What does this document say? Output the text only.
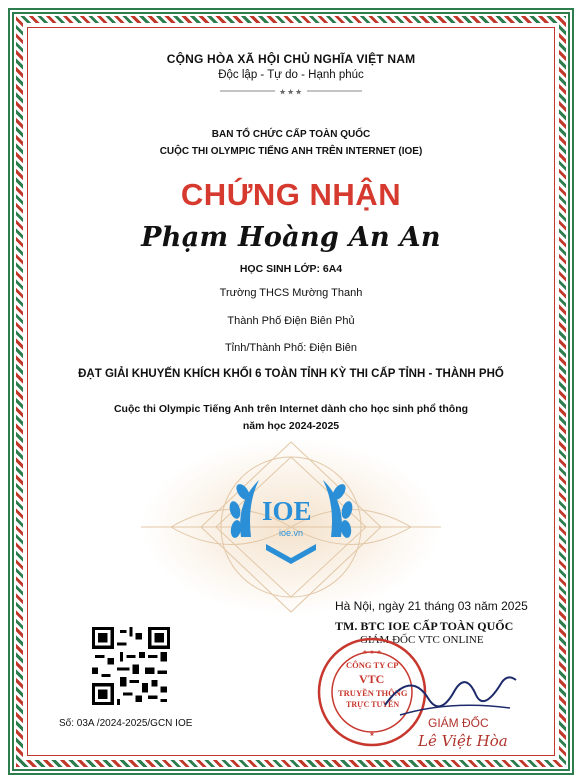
CỘNG HÒA XÃ HỘI CHỦ NGHĨA VIỆT NAM
Độc lập - Tự do - Hạnh phúc
★ ★ ★
BAN TỔ CHỨC CẤP TOÀN QUỐC
CUỘC THI OLYMPIC TIẾNG ANH TRÊN INTERNET (IOE)
CHỨNG NHẬN
Phạm Hoàng An An
HỌC SINH LỚP: 6A4
Trường THCS Mường Thanh
Thành Phố Điện Biên Phủ
Tỉnh/Thành Phố: Điện Biên
ĐẠT GIẢI KHUYẾN KHÍCH KHỐI 6 TOÀN TỈNH KỲ THI CẤP TỈNH - THÀNH PHỐ
Cuộc thi Olympic Tiếng Anh trên Internet dành cho học sinh phổ thông
năm học 2024-2025
IOE
ioe.vn
Hà Nội, ngày 21 tháng 03 năm 2025
TM. BTC IOE CẤP TOÀN QUỐC
GIÁM ĐỐC VTC ONLINE
★ ★ ★
★
CÔNG TY CP
VTC
TRUYỀN THÔNG
TRỰC TUYẾN
GIÁM ĐỐC
Lê Việt Hòa
Số: 03A /2024-2025/GCN IOE
